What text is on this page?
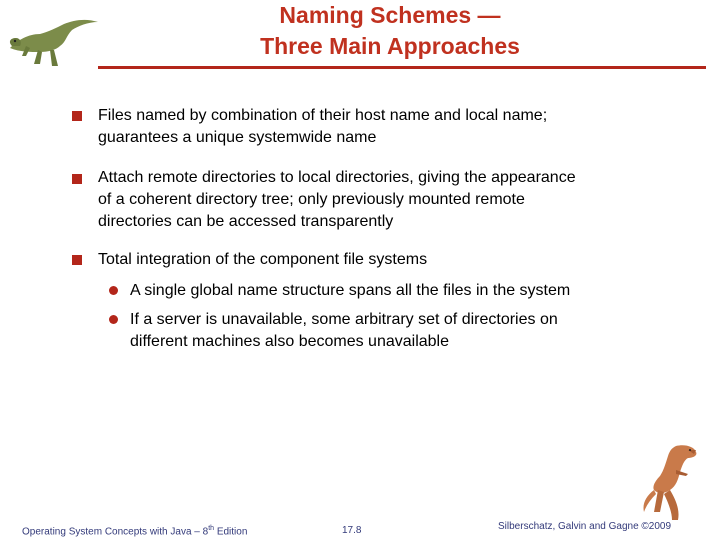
Naming Schemes —
Three Main Approaches
Files named by combination of their host name and local name;
guarantees a unique systemwide name
Attach remote directories to local directories, giving the appearance
of a coherent directory tree; only previously mounted remote
directories can be accessed transparently
Total integration of the component file systems
A single global name structure spans all the files in the system
If a server is unavailable, some arbitrary set of directories on
different machines also becomes unavailable
Operating System Concepts with Java – 8th Edition	17.8	Silberschatz, Galvin and Gagne ©2009
